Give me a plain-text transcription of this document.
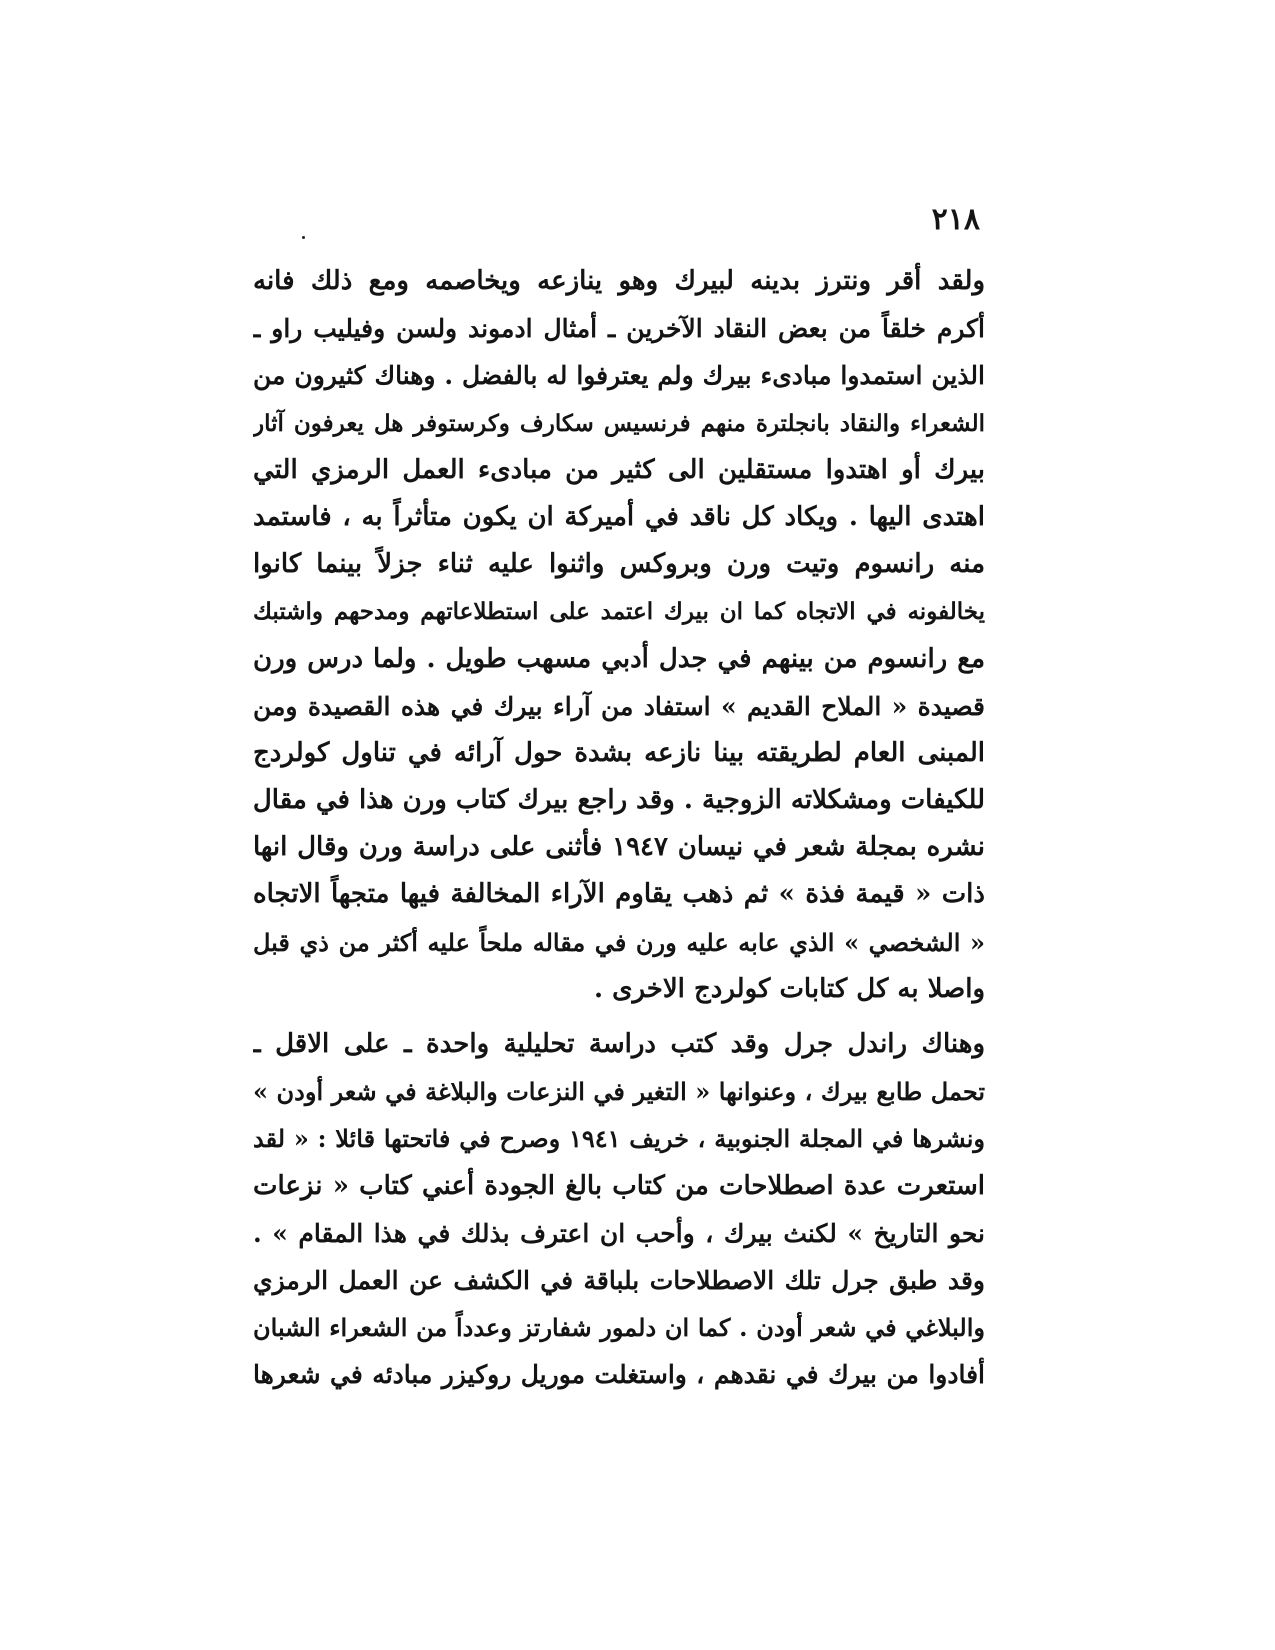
٢١٨
ولقد أقر ونترز بدينه لبيرك وهو ينازعه ويخاصمه ومع ذلك فانه
أكرم خلقاً من بعض النقاد الآخرين ـ أمثال ادموند ولسن وفيليب راو ـ
الذين استمدوا مبادىء بيرك ولم يعترفوا له بالفضل . وهناك كثيرون من
الشعراء والنقاد بانجلترة منهم فرنسيس سكارف وكرستوفر هل يعرفون آثار
بيرك أو اهتدوا مستقلين الى كثير من مبادىء العمل الرمزي التي
اهتدى اليها . ويكاد كل ناقد في أميركة ان يكون متأثراً به ، فاستمد
منه رانسوم وتيت ورن وبروكس واثنوا عليه ثناء جزلاً بينما كانوا
يخالفونه في الاتجاه كما ان بيرك اعتمد على استطلاعاتهم ومدحهم واشتبك
مع رانسوم من بينهم في جدل أدبي مسهب طويل . ولما درس ورن
قصيدة « الملاح القديم » استفاد من آراء بيرك في هذه القصيدة ومن
المبنى العام لطريقته بينا نازعه بشدة حول آرائه في تناول كولردج
للكيفات ومشكلاته الزوجية . وقد راجع بيرك كتاب ورن هذا في مقال
نشره بمجلة شعر في نيسان ١٩٤٧ فأثنى على دراسة ورن وقال انها
ذات « قيمة فذة » ثم ذهب يقاوم الآراء المخالفة فيها متجهاً الاتجاه
« الشخصي » الذي عابه عليه ورن في مقاله ملحاً عليه أكثر من ذي قبل
واصلا به كل كتابات كولردج الاخرى .
وهناك راندل جرل وقد كتب دراسة تحليلية واحدة ـ على الاقل ـ
تحمل طابع بيرك ، وعنوانها « التغير في النزعات والبلاغة في شعر أودن »
ونشرها في المجلة الجنوبية ، خريف ١٩٤١ وصرح في فاتحتها قائلا : « لقد
استعرت عدة اصطلاحات من كتاب بالغ الجودة أعني كتاب « نزعات
نحو التاريخ » لكنث بيرك ، وأحب ان اعترف بذلك في هذا المقام » .
وقد طبق جرل تلك الاصطلاحات بلباقة في الكشف عن العمل الرمزي
والبلاغي في شعر أودن . كما ان دلمور شفارتز وعدداً من الشعراء الشبان
أفادوا من بيرك في نقدهم ، واستغلت موريل روكيزر مبادئه في شعرها
